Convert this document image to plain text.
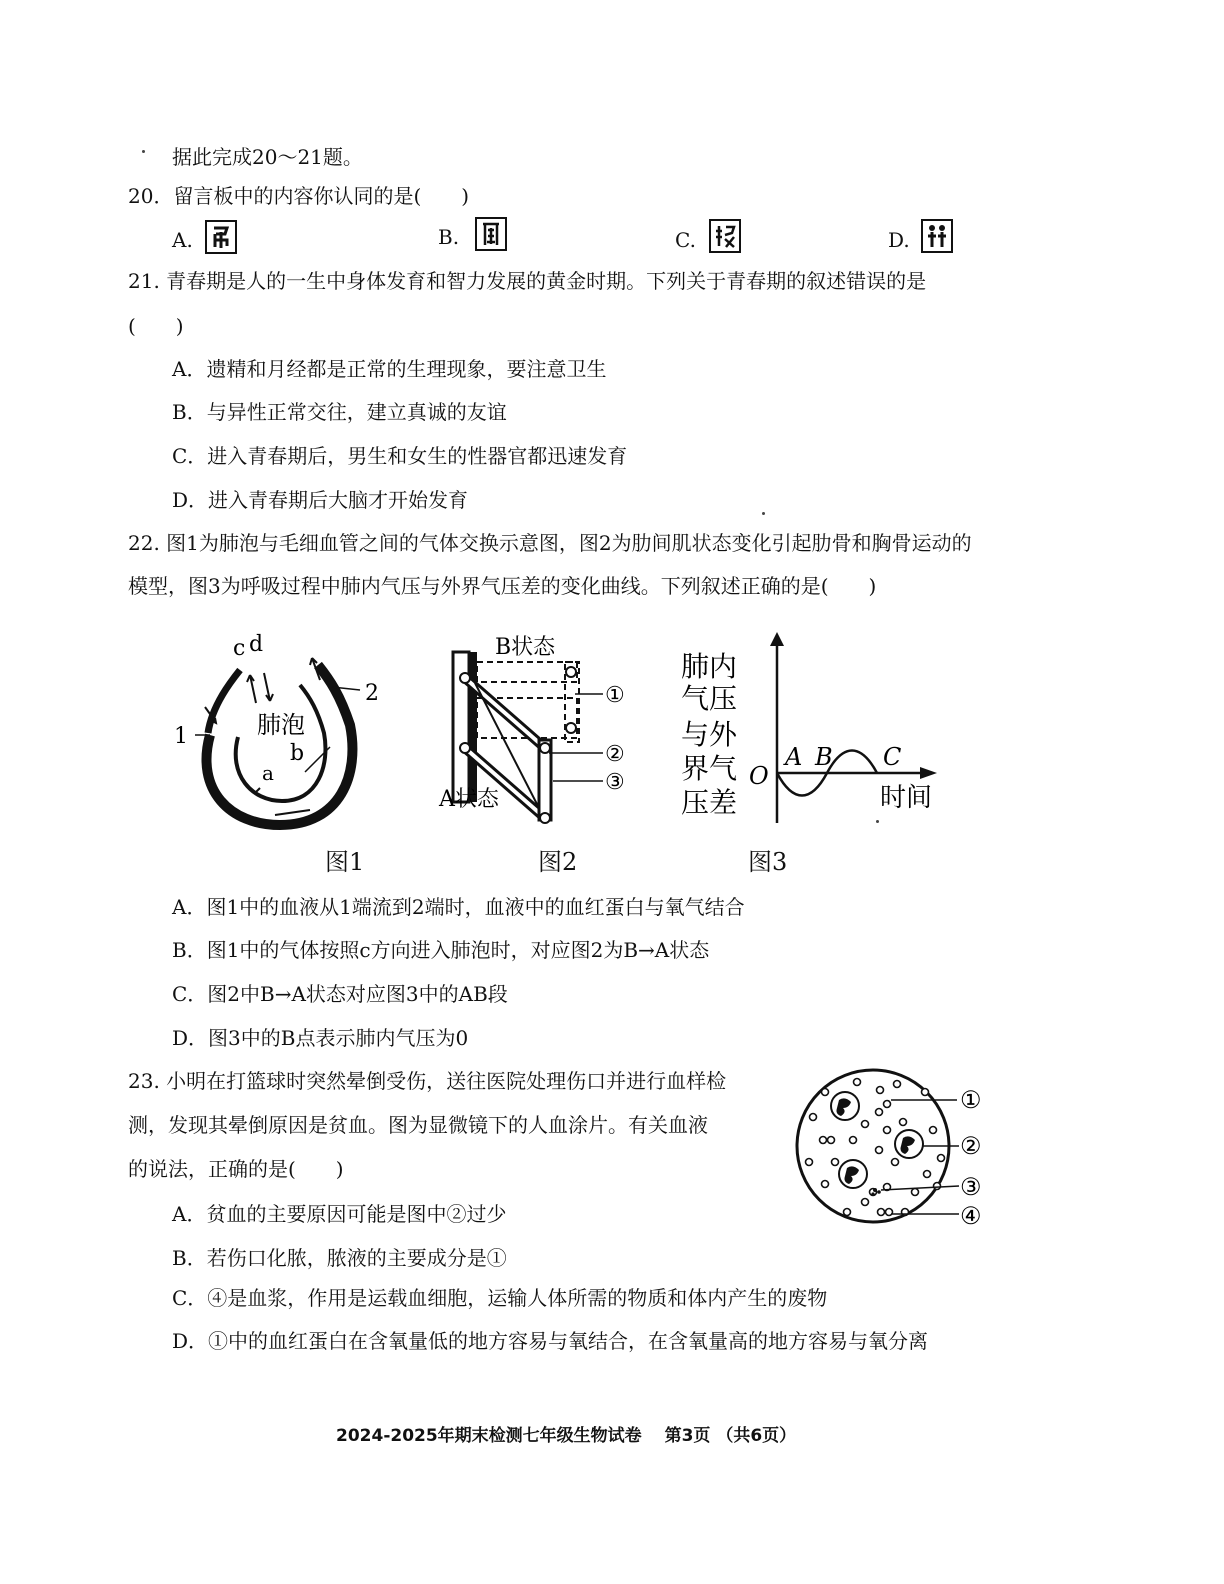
据此完成20～21题。
20．留言板中的内容你认同的是(　　)
A.	B.	C.	D.
21. 青春期是人的一生中身体发育和智力发展的黄金时期。下列关于青春期的叙述错误的是
(　　)
A．遗精和月经都是正常的生理现象，要注意卫生
B．与异性正常交往，建立真诚的友谊
C．进入青春期后，男生和女生的性器官都迅速发育
D．进入青春期后大脑才开始发育
22. 图1为肺泡与毛细血管之间的气体交换示意图，图2为肋间肌状态变化引起肋骨和胸骨运动的
模型，图3为呼吸过程中肺内气压与外界气压差的变化曲线。下列叙述正确的是(　　)
肺泡
b
a
c d
1
2
图1
B状态
A状态
①
②
③
图2
肺内
气压
与外
界气
压差
O
A B C
时间
图3
A．图1中的血液从1端流到2端时，血液中的血红蛋白与氧气结合
B．图1中的气体按照c方向进入肺泡时，对应图2为B→A状态
C．图2中B→A状态对应图3中的AB段
D．图3中的B点表示肺内气压为0
23. 小明在打篮球时突然晕倒受伤，送往医院处理伤口并进行血样检
测，发现其晕倒原因是贫血。图为显微镜下的人血涂片。有关血液
的说法，正确的是(　　)
①
②
③
④
A．贫血的主要原因可能是图中②过少
B．若伤口化脓，脓液的主要成分是①
C．④是血浆，作用是运载血细胞，运输人体所需的物质和体内产生的废物
D．①中的血红蛋白在含氧量低的地方容易与氧结合，在含氧量高的地方容易与氧分离
2024-2025年期末检测七年级生物试卷　 第3页 （共6页）
